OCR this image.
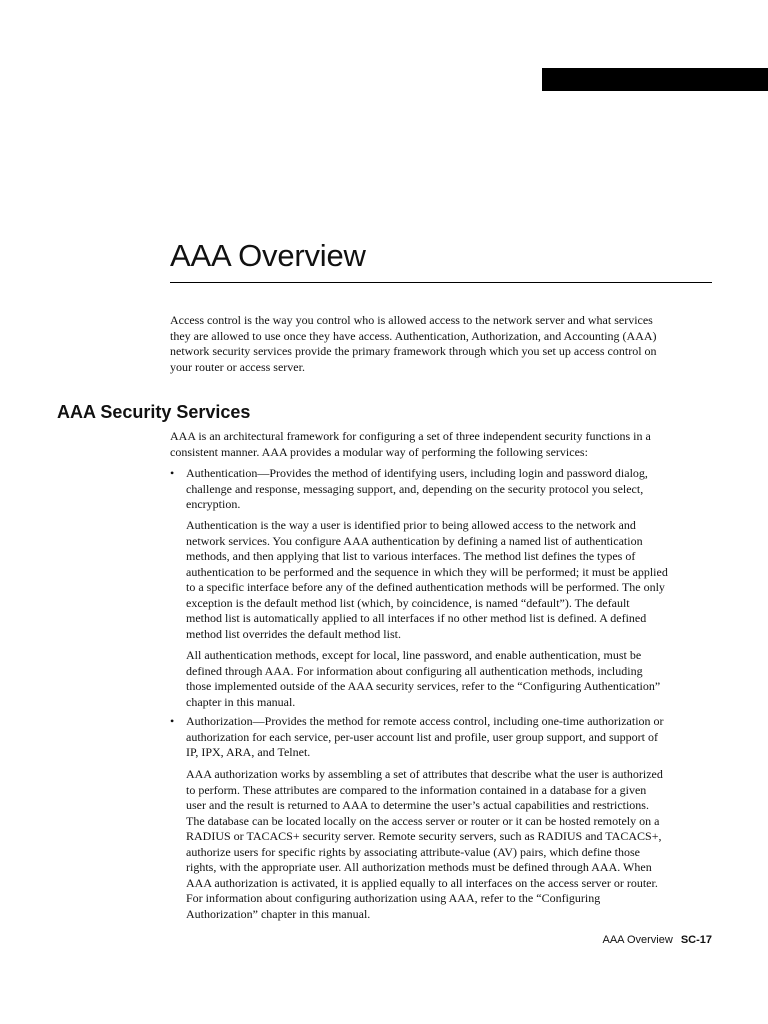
AAA Overview

Access control is the way you control who is allowed access to the network server and what services they are allowed to use once they have access. Authentication, Authorization, and Accounting (AAA) network security services provide the primary framework through which you set up access control on your router or access server.

AAA Security Services

AAA is an architectural framework for configuring a set of three independent security functions in a consistent manner. AAA provides a modular way of performing the following services:

• Authentication—Provides the method of identifying users, including login and password dialog, challenge and response, messaging support, and, depending on the security protocol you select, encryption.

Authentication is the way a user is identified prior to being allowed access to the network and network services. You configure AAA authentication by defining a named list of authentication methods, and then applying that list to various interfaces. The method list defines the types of authentication to be performed and the sequence in which they will be performed; it must be applied to a specific interface before any of the defined authentication methods will be performed. The only exception is the default method list (which, by coincidence, is named “default”). The default method list is automatically applied to all interfaces if no other method list is defined. A defined method list overrides the default method list.

All authentication methods, except for local, line password, and enable authentication, must be defined through AAA. For information about configuring all authentication methods, including those implemented outside of the AAA security services, refer to the “Configuring Authentication” chapter in this manual.

• Authorization—Provides the method for remote access control, including one-time authorization or authorization for each service, per-user account list and profile, user group support, and support of IP, IPX, ARA, and Telnet.

AAA authorization works by assembling a set of attributes that describe what the user is authorized to perform. These attributes are compared to the information contained in a database for a given user and the result is returned to AAA to determine the user’s actual capabilities and restrictions. The database can be located locally on the access server or router or it can be hosted remotely on a RADIUS or TACACS+ security server. Remote security servers, such as RADIUS and TACACS+, authorize users for specific rights by associating attribute-value (AV) pairs, which define those rights, with the appropriate user. All authorization methods must be defined through AAA. When AAA authorization is activated, it is applied equally to all interfaces on the access server or router. For information about configuring authorization using AAA, refer to the “Configuring Authorization” chapter in this manual.

AAA Overview SC-17
